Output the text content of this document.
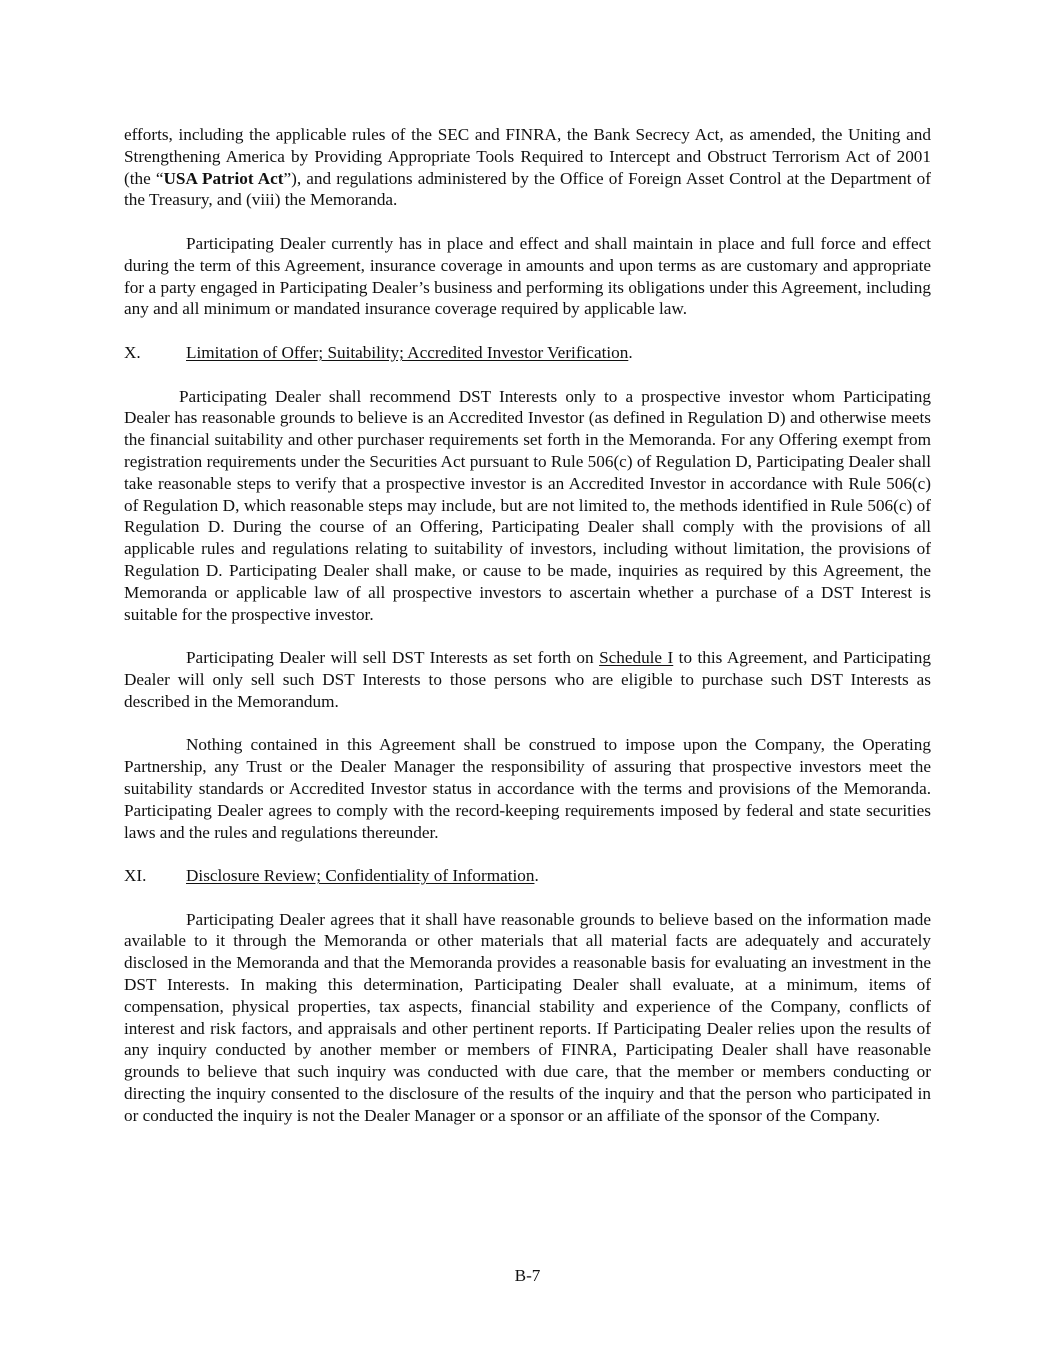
efforts, including the applicable rules of the SEC and FINRA, the Bank Secrecy Act, as amended, the Uniting and Strengthening America by Providing Appropriate Tools Required to Intercept and Obstruct Terrorism Act of 2001 (the “USA Patriot Act”), and regulations administered by the Office of Foreign Asset Control at the Department of the Treasury, and (viii) the Memoranda.

Participating Dealer currently has in place and effect and shall maintain in place and full force and effect during the term of this Agreement, insurance coverage in amounts and upon terms as are customary and appropriate for a party engaged in Participating Dealer’s business and performing its obligations under this Agreement, including any and all minimum or mandated insurance coverage required by applicable law.

X.	Limitation of Offer; Suitability; Accredited Investor Verification.

Participating Dealer shall recommend DST Interests only to a prospective investor whom Participating Dealer has reasonable grounds to believe is an Accredited Investor (as defined in Regulation D) and otherwise meets the financial suitability and other purchaser requirements set forth in the Memoranda. For any Offering exempt from registration requirements under the Securities Act pursuant to Rule 506(c) of Regulation D, Participating Dealer shall take reasonable steps to verify that a prospective investor is an Accredited Investor in accordance with Rule 506(c) of Regulation D, which reasonable steps may include, but are not limited to, the methods identified in Rule 506(c) of Regulation D. During the course of an Offering, Participating Dealer shall comply with the provisions of all applicable rules and regulations relating to suitability of investors, including without limitation, the provisions of Regulation D. Participating Dealer shall make, or cause to be made, inquiries as required by this Agreement, the Memoranda or applicable law of all prospective investors to ascertain whether a purchase of a DST Interest is suitable for the prospective investor.

Participating Dealer will sell DST Interests as set forth on Schedule I to this Agreement, and Participating Dealer will only sell such DST Interests to those persons who are eligible to purchase such DST Interests as described in the Memorandum.

Nothing contained in this Agreement shall be construed to impose upon the Company, the Operating Partnership, any Trust or the Dealer Manager the responsibility of assuring that prospective investors meet the suitability standards or Accredited Investor status in accordance with the terms and provisions of the Memoranda. Participating Dealer agrees to comply with the record-keeping requirements imposed by federal and state securities laws and the rules and regulations thereunder.

XI. Disclosure Review; Confidentiality of Information.

Participating Dealer agrees that it shall have reasonable grounds to believe based on the information made available to it through the Memoranda or other materials that all material facts are adequately and accurately disclosed in the Memoranda and that the Memoranda provides a reasonable basis for evaluating an investment in the DST Interests. In making this determination, Participating Dealer shall evaluate, at a minimum, items of compensation, physical properties, tax aspects, financial stability and experience of the Company, conflicts of interest and risk factors, and appraisals and other pertinent reports. If Participating Dealer relies upon the results of any inquiry conducted by another member or members of FINRA, Participating Dealer shall have reasonable grounds to believe that such inquiry was conducted with due care, that the member or members conducting or directing the inquiry consented to the disclosure of the results of the inquiry and that the person who participated in or conducted the inquiry is not the Dealer Manager or a sponsor or an affiliate of the sponsor of the Company.

B-7
